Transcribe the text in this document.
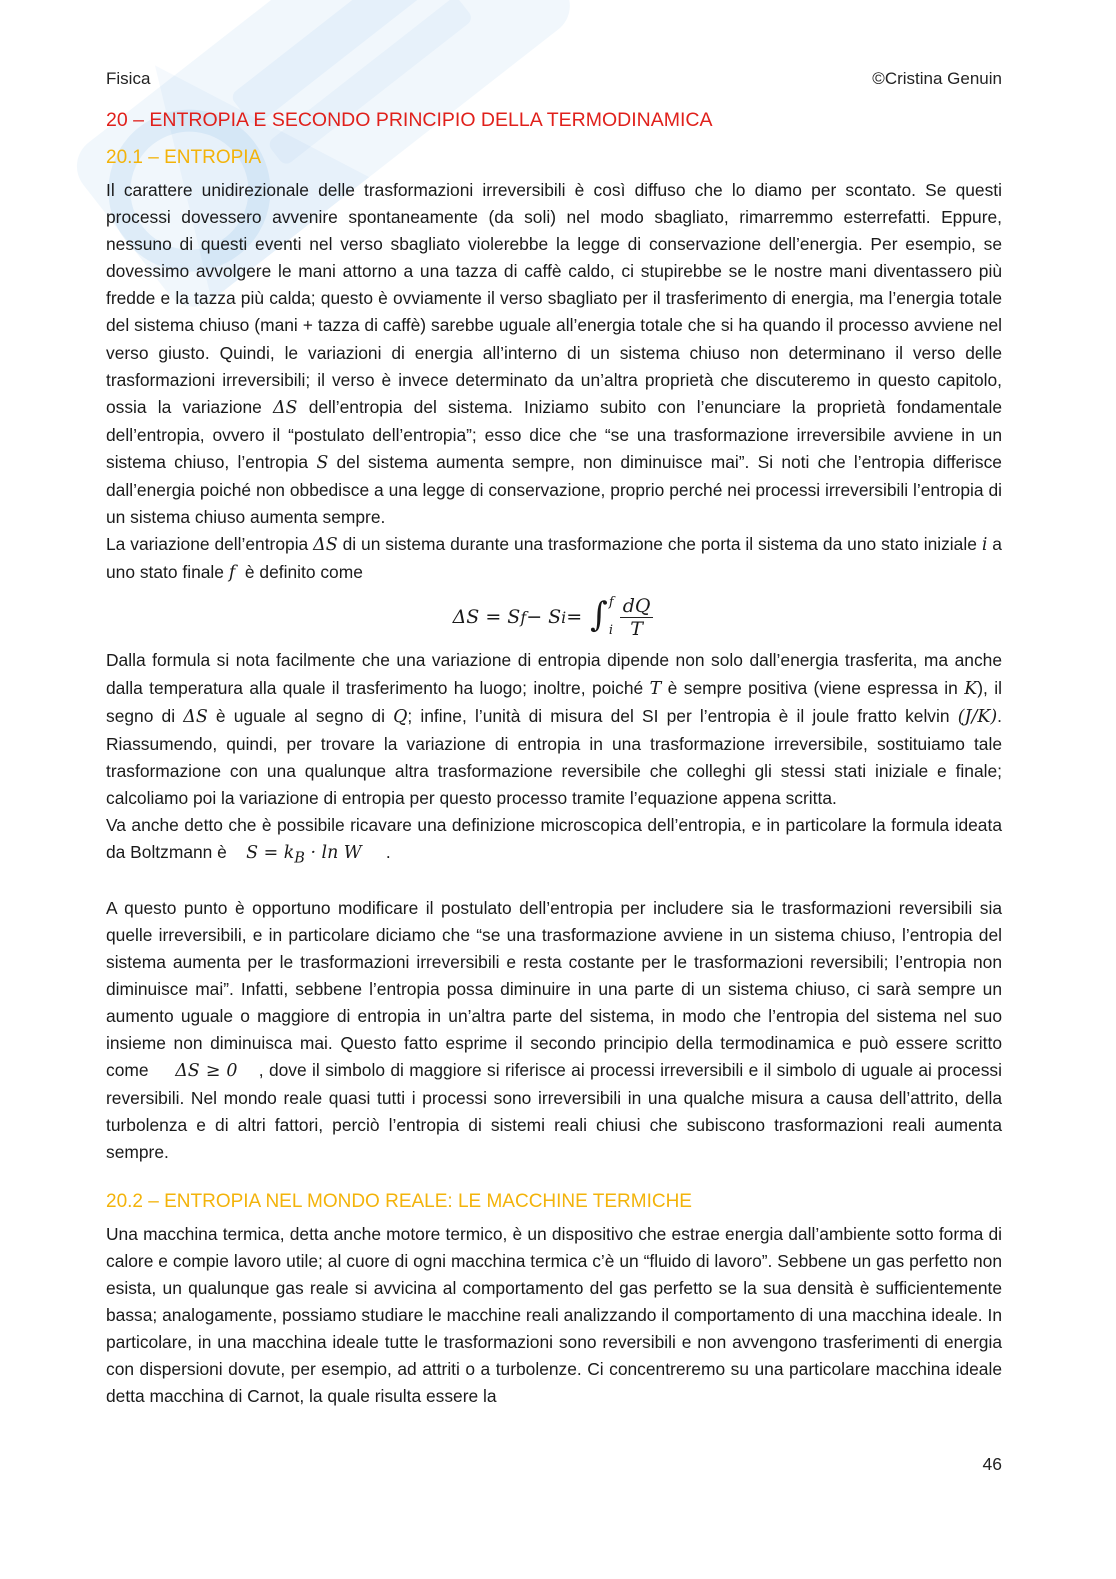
Fisica	©Cristina Genuin
20 – ENTROPIA E SECONDO PRINCIPIO DELLA TERMODINAMICA
20.1 – ENTROPIA

Il carattere unidirezionale delle trasformazioni irreversibili è così diffuso che lo diamo per scontato. Se questi processi dovessero avvenire spontaneamente (da soli) nel modo sbagliato, rimarremmo esterrefatti. Eppure, nessuno di questi eventi nel verso sbagliato violerebbe la legge di conservazione dell’energia. Per esempio, se dovessimo avvolgere le mani attorno a una tazza di caffè caldo, ci stupirebbe se le nostre mani diventassero più fredde e la tazza più calda; questo è ovviamente il verso sbagliato per il trasferimento di energia, ma l’energia totale del sistema chiuso (mani + tazza di caffè) sarebbe uguale all’energia totale che si ha quando il processo avviene nel verso giusto. Quindi, le variazioni di energia all’interno di un sistema chiuso non determinano il verso delle trasformazioni irreversibili; il verso è invece determinato da un’altra proprietà che discuteremo in questo capitolo, ossia la variazione ΔS dell’entropia del sistema. Iniziamo subito con l’enunciare la proprietà fondamentale dell’entropia, ovvero il “postulato dell’entropia”; esso dice che “se una trasformazione irreversibile avviene in un sistema chiuso, l’entropia S del sistema aumenta sempre, non diminuisce mai”. Si noti che l’entropia differisce dall’energia poiché non obbedisce a una legge di conservazione, proprio perché nei processi irreversibili l’entropia di un sistema chiuso aumenta sempre.

La variazione dell’entropia ΔS di un sistema durante una trasformazione che porta il sistema da uno stato iniziale i a uno stato finale f è definito come

ΔS = S f − S i = ∫ f
i $\frac{dQ}{T}$

Dalla formula si nota facilmente che una variazione di entropia dipende non solo dall’energia trasferita, ma anche dalla temperatura alla quale il trasferimento ha luogo; inoltre, poiché T è sempre positiva (viene espressa in K), il segno di ΔS è uguale al segno di Q; infine, l’unità di misura del SI per l’entropia è il joule fratto kelvin (J/K). Riassumendo, quindi, per trovare la variazione di entropia in una trasformazione irreversibile, sostituiamo tale trasformazione con una qualunque altra trasformazione reversibile che colleghi gli stessi stati iniziale e finale; calcoliamo poi la variazione di entropia per questo processo tramite l’equazione appena scritta.

Va anche detto che è possibile ricavare una definizione microscopica dell’entropia, e in particolare la formula ideata da Boltzmann è $S = k_B \cdot \ln W$ .

A questo punto è opportuno modificare il postulato dell’entropia per includere sia le trasformazioni reversibili sia quelle irreversibili, e in particolare diciamo che “se una trasformazione avviene in un sistema chiuso, l’entropia del sistema aumenta per le trasformazioni irreversibili e resta costante per le trasformazioni reversibili; l’entropia non diminuisce mai”. Infatti, sebbene l’entropia possa diminuire in una parte di un sistema chiuso, ci sarà sempre un aumento uguale o maggiore di entropia in un’altra parte del sistema, in modo che l’entropia del sistema nel suo insieme non diminuisca mai. Questo fatto esprime il secondo principio della termodinamica e può essere scritto come ΔS ≥ 0 , dove il simbolo di maggiore si riferisce ai processi irreversibili e il simbolo di uguale ai processi reversibili. Nel mondo reale quasi tutti i processi sono irreversibili in una qualche misura a causa dell’attrito, della turbolenza e di altri fattori, perciò l’entropia di sistemi reali chiusi che subiscono trasformazioni reali aumenta sempre.

20.2 – ENTROPIA NEL MONDO REALE: LE MACCHINE TERMICHE

Una macchina termica, detta anche motore termico, è un dispositivo che estrae energia dall’ambiente sotto forma di calore e compie lavoro utile; al cuore di ogni macchina termica c’è un “fluido di lavoro”. Sebbene un gas perfetto non esista, un qualunque gas reale si avvicina al comportamento del gas perfetto se la sua densità è sufficientemente bassa; analogamente, possiamo studiare le macchine reali analizzando il comportamento di una macchina ideale. In particolare, in una macchina ideale tutte le trasformazioni sono reversibili e non avvengono trasferimenti di energia con dispersioni dovute, per esempio, ad attriti o a turbolenze. Ci concentreremo su una particolare macchina ideale detta macchina di Carnot, la quale risulta essere la

46
